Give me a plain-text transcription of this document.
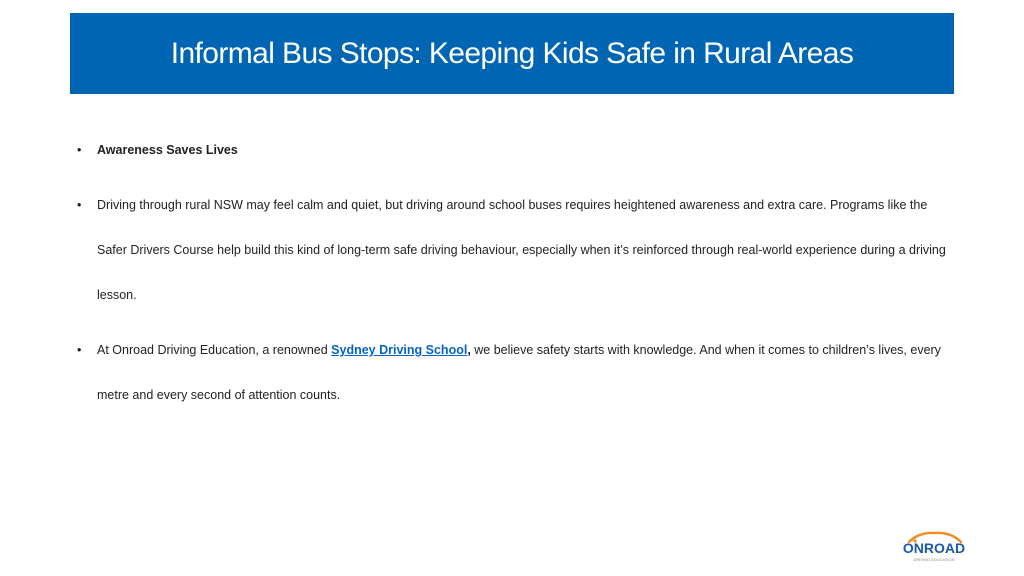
Informal Bus Stops: Keeping Kids Safe in Rural Areas
• Awareness Saves Lives
• Driving through rural NSW may feel calm and quiet, but driving around school buses requires heightened awareness and extra care. Programs like the Safer Drivers Course help build this kind of long-term safe driving behaviour, especially when it’s reinforced through real-world experience during a driving lesson.
• At Onroad Driving Education, a renowned Sydney Driving School, we believe safety starts with knowledge. And when it comes to children’s lives, every metre and every second of attention counts.
ONROAD
DRIVING EDUCATION
